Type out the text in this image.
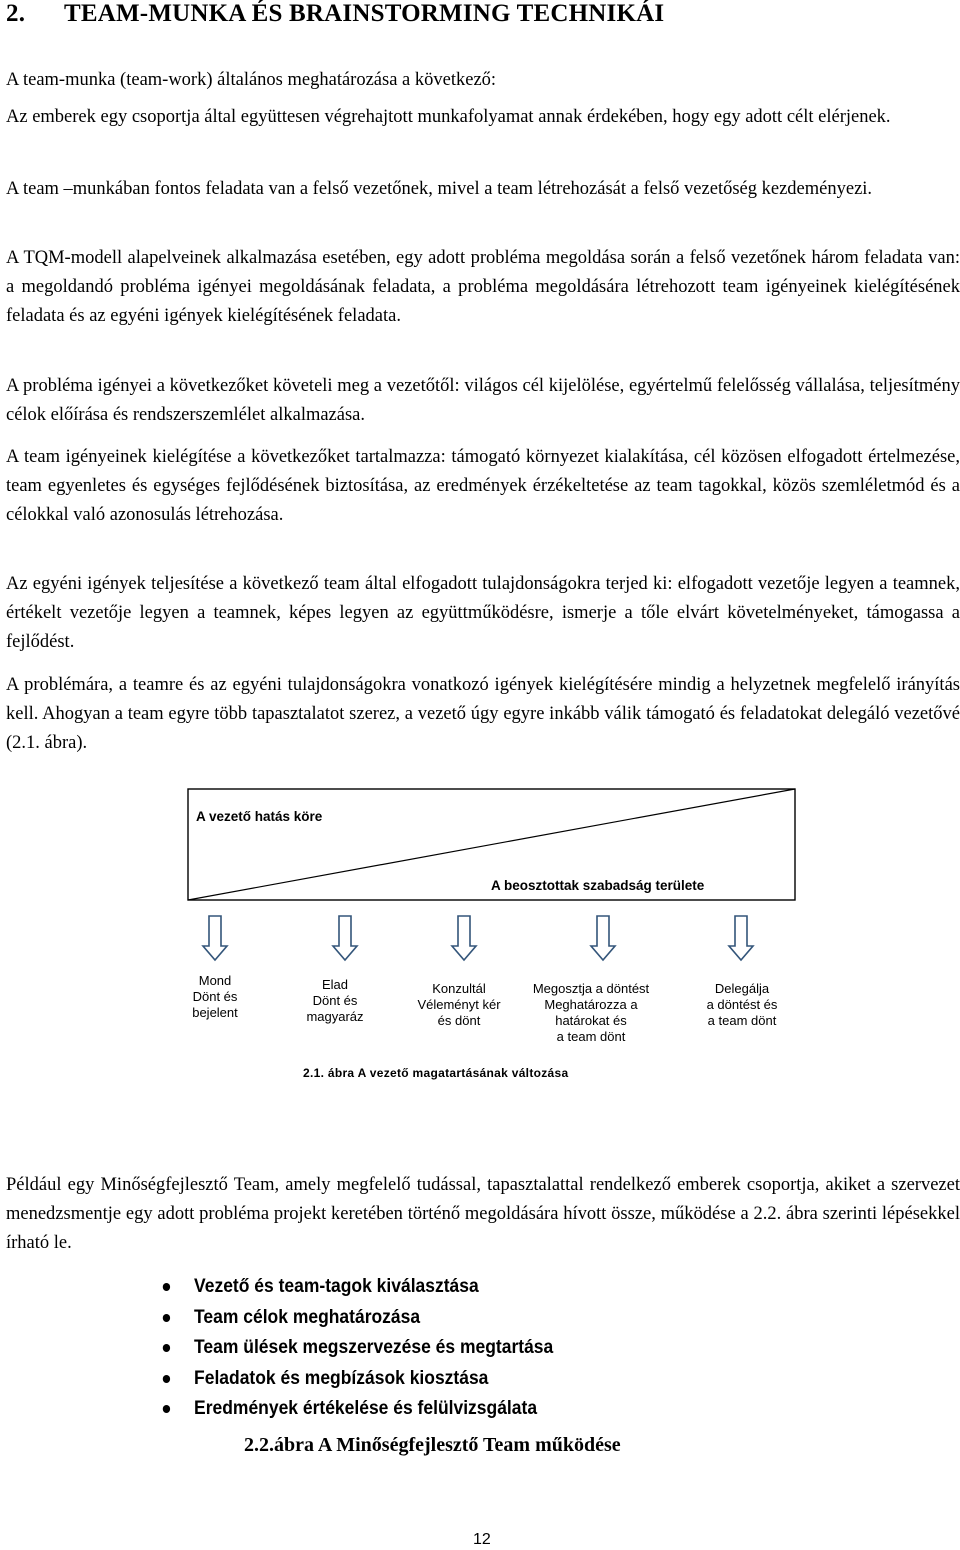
2. TEAM-MUNKA ÉS BRAINSTORMING TECHNIKÁI

A team-munka (team-work) általános meghatározása a következő:

Az emberek egy csoportja által együttesen végrehajtott munkafolyamat annak érdekében, hogy egy adott célt elérjenek.

A team –munkában fontos feladata van a felső vezetőnek, mivel a team létrehozását a felső vezetőség kezdeményezi.

A TQM-modell alapelveinek alkalmazása esetében, egy adott probléma megoldása során a felső vezetőnek három feladata van: a megoldandó probléma igényei megoldásának feladata, a probléma megoldására létrehozott team igényeinek kielégítésének feladata és az egyéni igények kielégítésének feladata.

A probléma igényei a következőket követeli meg a vezetőtől: világos cél kijelölése, egyértelmű felelősség vállalása, teljesítmény célok előírása és rendszerszemlélet alkalmazása.

A team igényeinek kielégítése a következőket tartalmazza: támogató környezet kialakítása, cél közösen elfogadott értelmezése, team egyenletes és egységes fejlődésének biztosítása, az eredmények érzékeltetése az team tagokkal, közös szemléletmód és a célokkal való azonosulás létrehozása.

Az egyéni igények teljesítése a következő team által elfogadott tulajdonságokra terjed ki: elfogadott vezetője legyen a teamnek, értékelt vezetője legyen a teamnek, képes legyen az együttműködésre, ismerje a tőle elvárt követelményeket, támogassa a fejlődést.

A problémára, a teamre és az egyéni tulajdonságokra vonatkozó igények kielégítésére mindig a helyzetnek megfelelő irányítás kell. Ahogyan a team egyre több tapasztalatot szerez, a vezető úgy egyre inkább válik támogató és feladatokat delegáló vezetővé (2.1. ábra).

A vezető hatás köre
A beosztottak szabadság területe
Mond
Dönt és
bejelent
Elad
Dönt és
magyaráz
Konzultál
Véleményt kér
és dönt
Megosztja a döntést
Meghatározza a
határokat és
a team dönt
Delegálja
a döntést és
a team dönt
2.1. ábra A vezető magatartásának változása

Például egy Minőségfejlesztő Team, amely megfelelő tudással, tapasztalattal rendelkező emberek csoportja, akiket a szervezet menedzsmentje egy adott probléma projekt keretében történő megoldására hívott össze, működése a 2.2. ábra szerinti lépésekkel írható le.

Vezető és team-tagok kiválasztása
Team célok meghatározása
Team ülések megszervezése és megtartása
Feladatok és megbízások kiosztása
Eredmények értékelése és felülvizsgálata

2.2.ábra A Minőségfejlesztő Team működése

12
